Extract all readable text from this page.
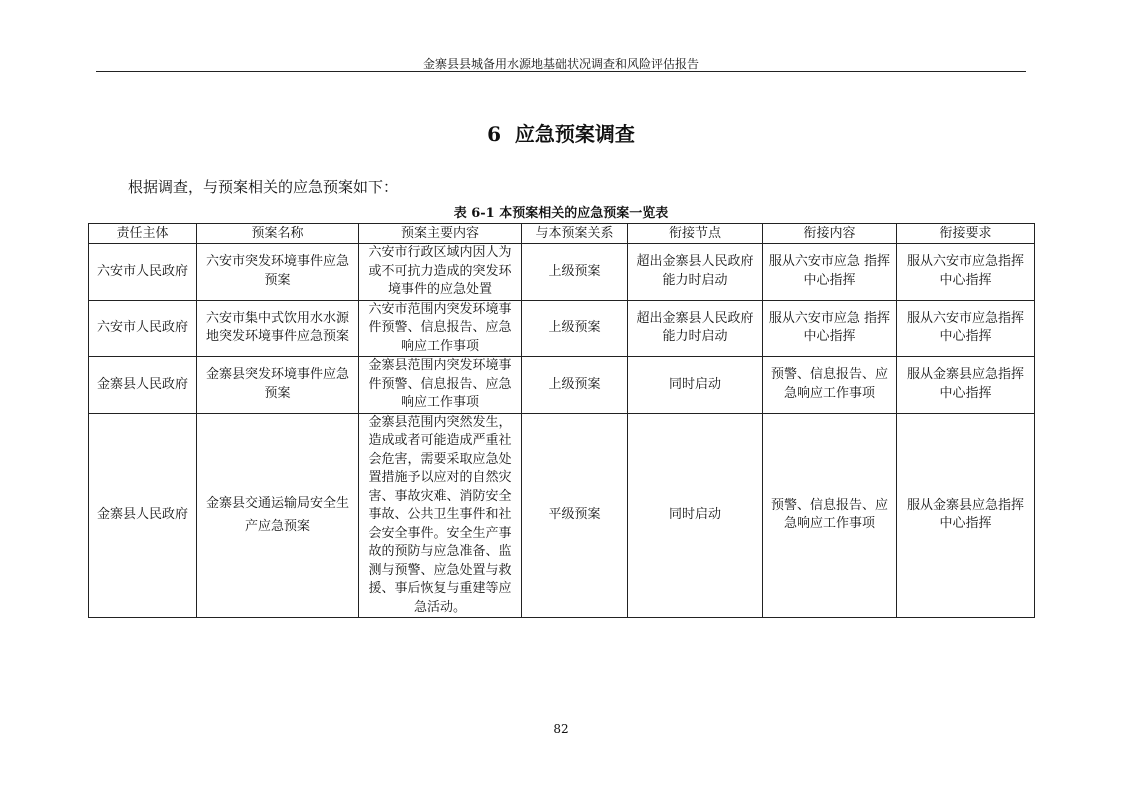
金寨县县城备用水源地基础状况调查和风险评估报告
6 应急预案调查
根据调查，与预案相关的应急预案如下：
表 6-1 本预案相关的应急预案一览表
责任主体	预案名称	预案主要内容	与本预案关系	衔接节点	衔接内容	衔接要求
六安市人民政府	六安市突发环境事件应急预案	六安市行政区域内因人为或不可抗力造成的突发环境事件的应急处置	上级预案	超出金寨县人民政府能力时启动	服从六安市应急 指挥中心指挥	服从六安市应急指挥中心指挥
六安市人民政府	六安市集中式饮用水水源地突发环境事件应急预案	六安市范围内突发环境事件预警、信息报告、应急响应工作事项	上级预案	超出金寨县人民政府能力时启动	服从六安市应急 指挥中心指挥	服从六安市应急指挥中心指挥
金寨县人民政府	金寨县突发环境事件应急预案	金寨县范围内突发环境事件预警、信息报告、应急响应工作事项	上级预案	同时启动	预警、信息报告、应急响应工作事项	服从金寨县应急指挥中心指挥
金寨县人民政府	金寨县交通运输局安全生产应急预案	金寨县范围内突然发生，造成或者可能造成严重社会危害，需要采取应急处置措施予以应对的自然灾害、事故灾难、消防安全事故、公共卫生事件和社会安全事件。安全生产事故的预防与应急准备、监测与预警、应急处置与救援、事后恢复与重建等应急活动。	平级预案	同时启动	预警、信息报告、应急响应工作事项	服从金寨县应急指挥中心指挥
82
